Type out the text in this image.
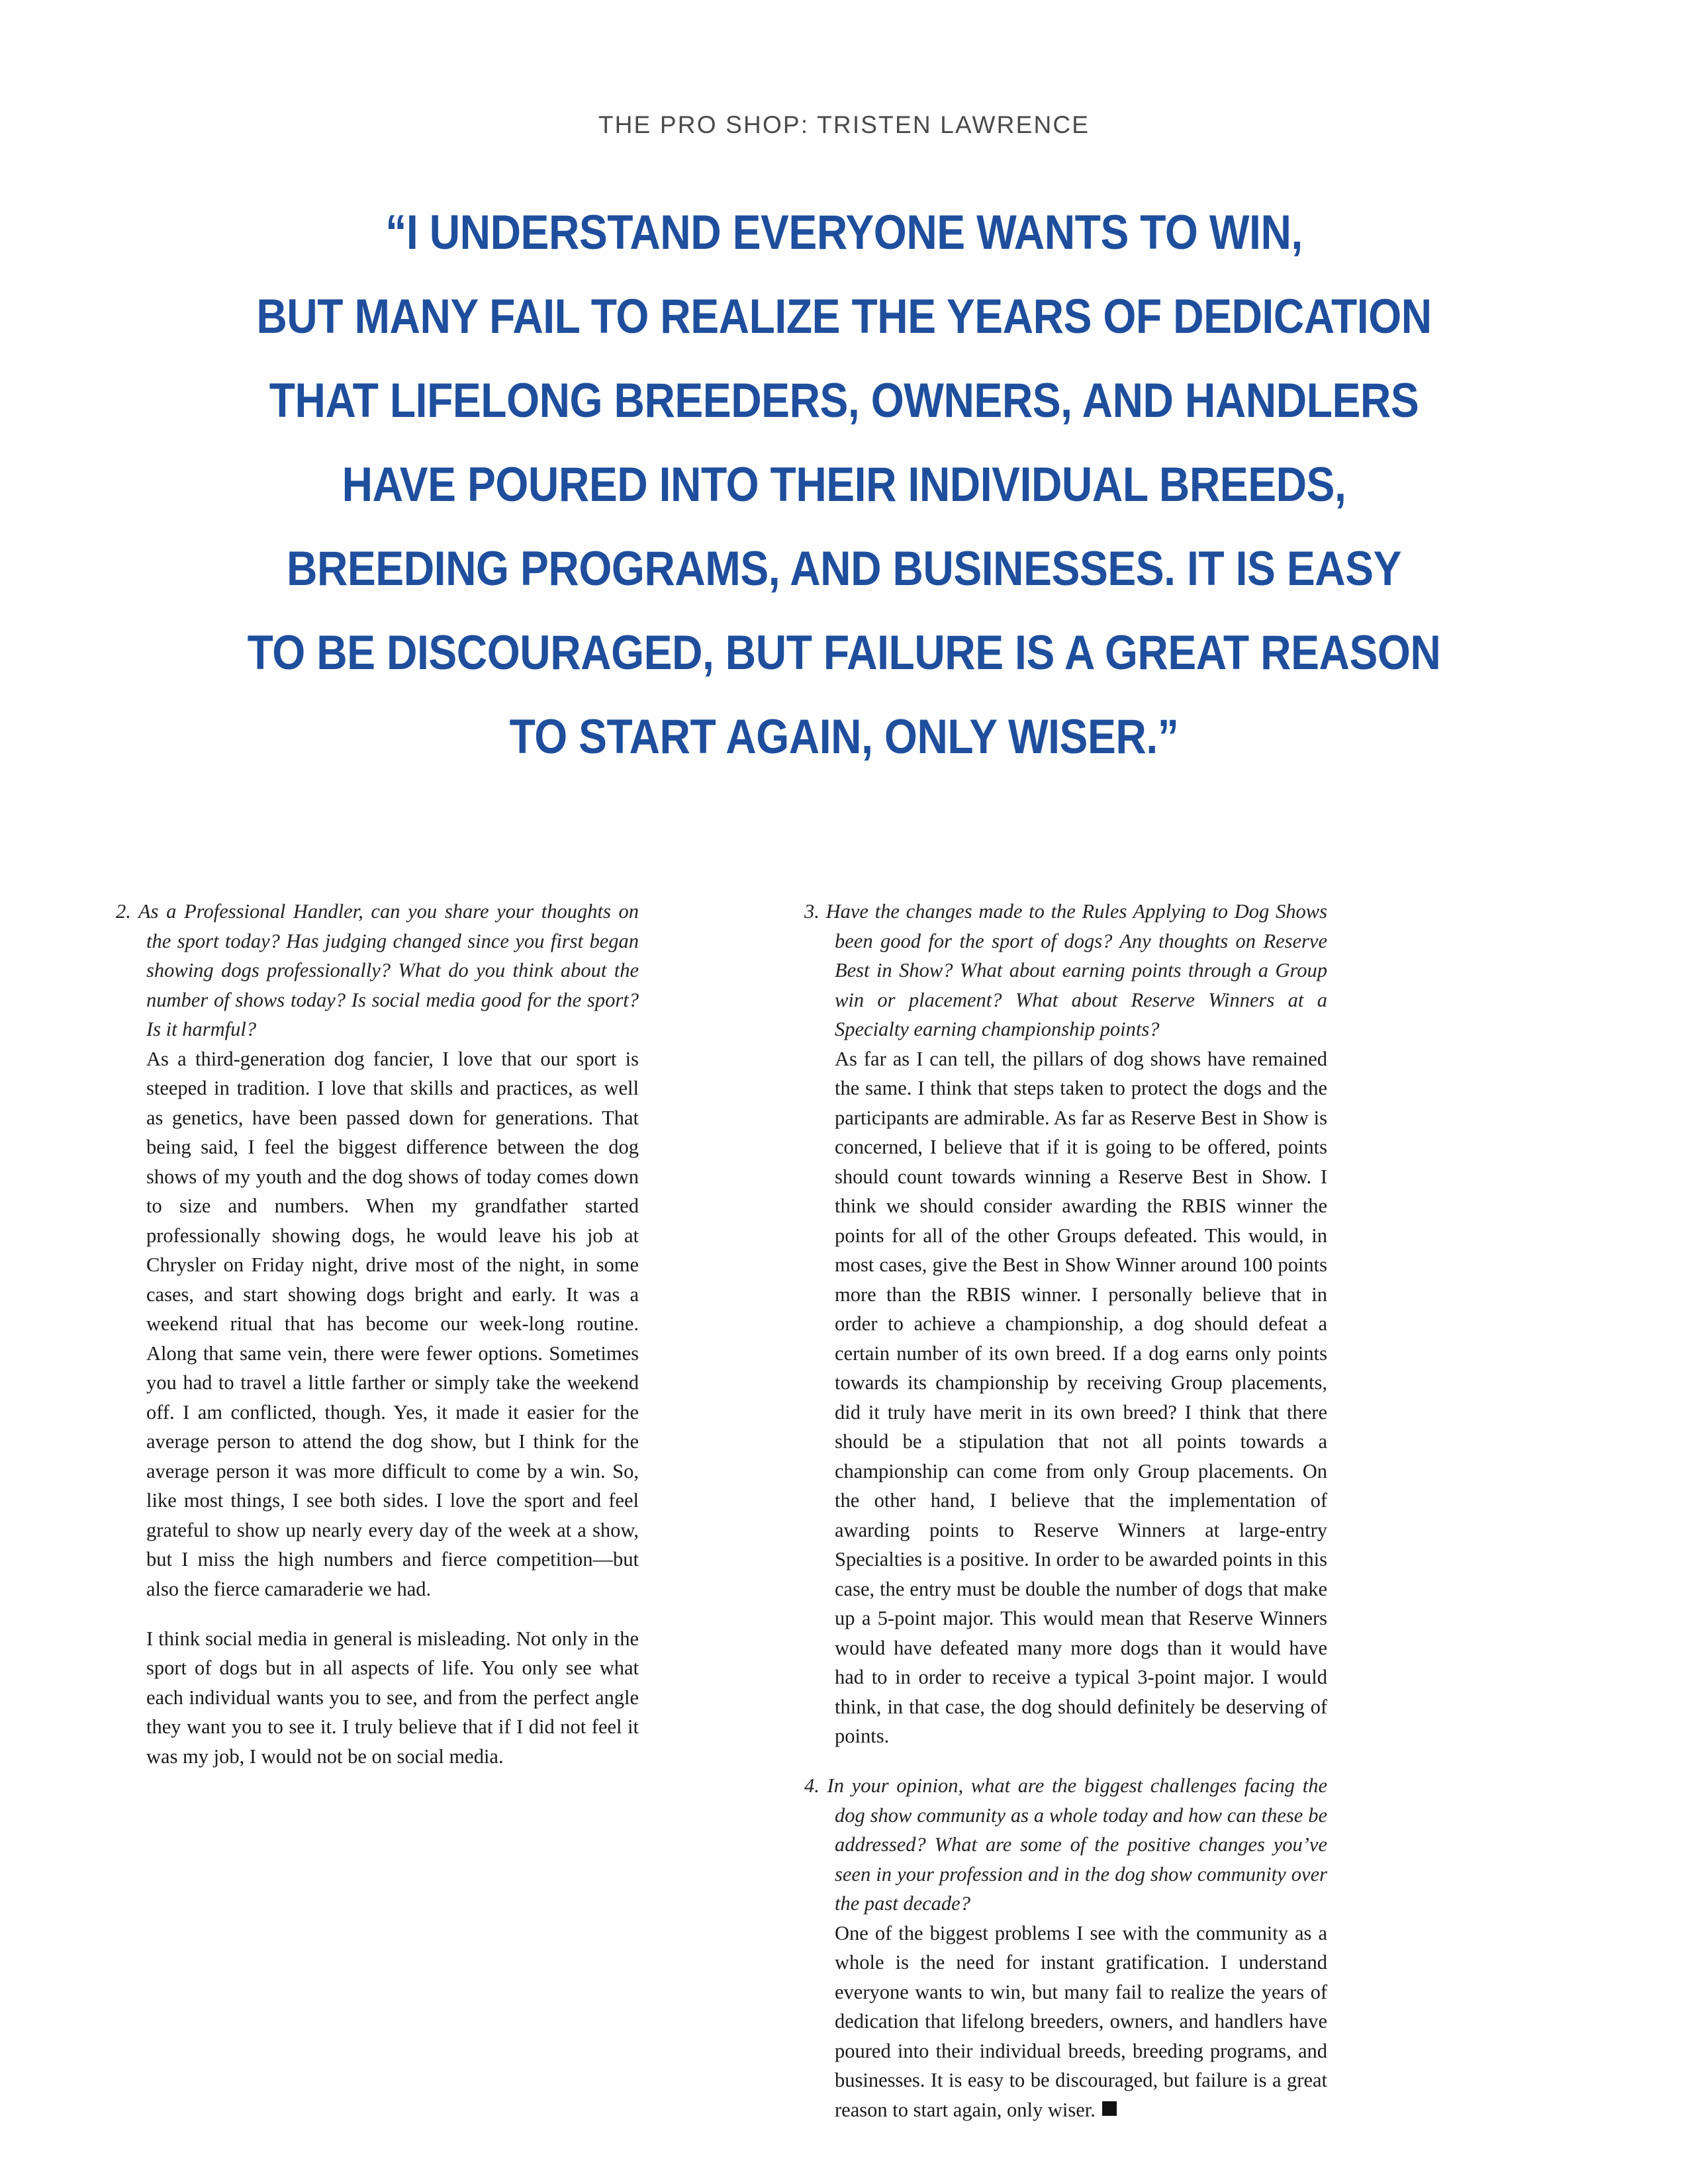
THE PRO SHOP: TRISTEN LAWRENCE
“I UNDERSTAND EVERYONE WANTS TO WIN,
BUT MANY FAIL TO REALIZE THE YEARS OF DEDICATION
THAT LIFELONG BREEDERS, OWNERS, AND HANDLERS
HAVE POURED INTO THEIR INDIVIDUAL BREEDS,
BREEDING PROGRAMS, AND BUSINESSES. IT IS EASY
TO BE DISCOURAGED, BUT FAILURE IS A GREAT REASON
TO START AGAIN, ONLY WISER.”
2. As a Professional Handler, can you share your thoughts on the sport today? Has judging changed since you first began showing dogs professionally? What do you think about the number of shows today? Is social media good for the sport? Is it harmful?

As a third-generation dog fancier, I love that our sport is steeped in tradition. I love that skills and practices, as well as genetics, have been passed down for generations. That being said, I feel the biggest difference between the dog shows of my youth and the dog shows of today comes down to size and numbers. When my grandfather started professionally showing dogs, he would leave his job at Chrysler on Friday night, drive most of the night, in some cases, and start showing dogs bright and early. It was a weekend ritual that has become our week-long routine. Along that same vein, there were fewer options. Sometimes you had to travel a little farther or simply take the weekend off. I am conflicted, though. Yes, it made it easier for the average person to attend the dog show, but I think for the average person it was more difficult to come by a win. So, like most things, I see both sides. I love the sport and feel grateful to show up nearly every day of the week at a show, but I miss the high numbers and fierce competition—but also the fierce camaraderie we had.

I think social media in general is misleading. Not only in the sport of dogs but in all aspects of life. You only see what each individual wants you to see, and from the perfect angle they want you to see it. I truly believe that if I did not feel it was my job, I would not be on social media.

3. Have the changes made to the Rules Applying to Dog Shows been good for the sport of dogs? Any thoughts on Reserve Best in Show? What about earning points through a Group win or placement? What about Reserve Winners at a Specialty earning championship points?

As far as I can tell, the pillars of dog shows have remained the same. I think that steps taken to protect the dogs and the participants are admirable. As far as Reserve Best in Show is concerned, I believe that if it is going to be offered, points should count towards winning a Reserve Best in Show. I think we should consider awarding the RBIS winner the points for all of the other Groups defeated. This would, in most cases, give the Best in Show Winner around 100 points more than the RBIS winner. I personally believe that in order to achieve a championship, a dog should defeat a certain number of its own breed. If a dog earns only points towards its championship by receiving Group placements, did it truly have merit in its own breed? I think that there should be a stipulation that not all points towards a championship can come from only Group placements. On the other hand, I believe that the implementation of awarding points to Reserve Winners at large-entry Specialties is a positive. In order to be awarded points in this case, the entry must be double the number of dogs that make up a 5-point major. This would mean that Reserve Winners would have defeated many more dogs than it would have had to in order to receive a typical 3-point major. I would think, in that case, the dog should definitely be deserving of points.

4. In your opinion, what are the biggest challenges facing the dog show community as a whole today and how can these be addressed? What are some of the positive changes you’ve seen in your profession and in the dog show community over the past decade?

One of the biggest problems I see with the community as a whole is the need for instant gratification. I understand everyone wants to win, but many fail to realize the years of dedication that lifelong breeders, owners, and handlers have poured into their individual breeds, breeding programs, and businesses. It is easy to be discouraged, but failure is a great reason to start again, only wiser.
